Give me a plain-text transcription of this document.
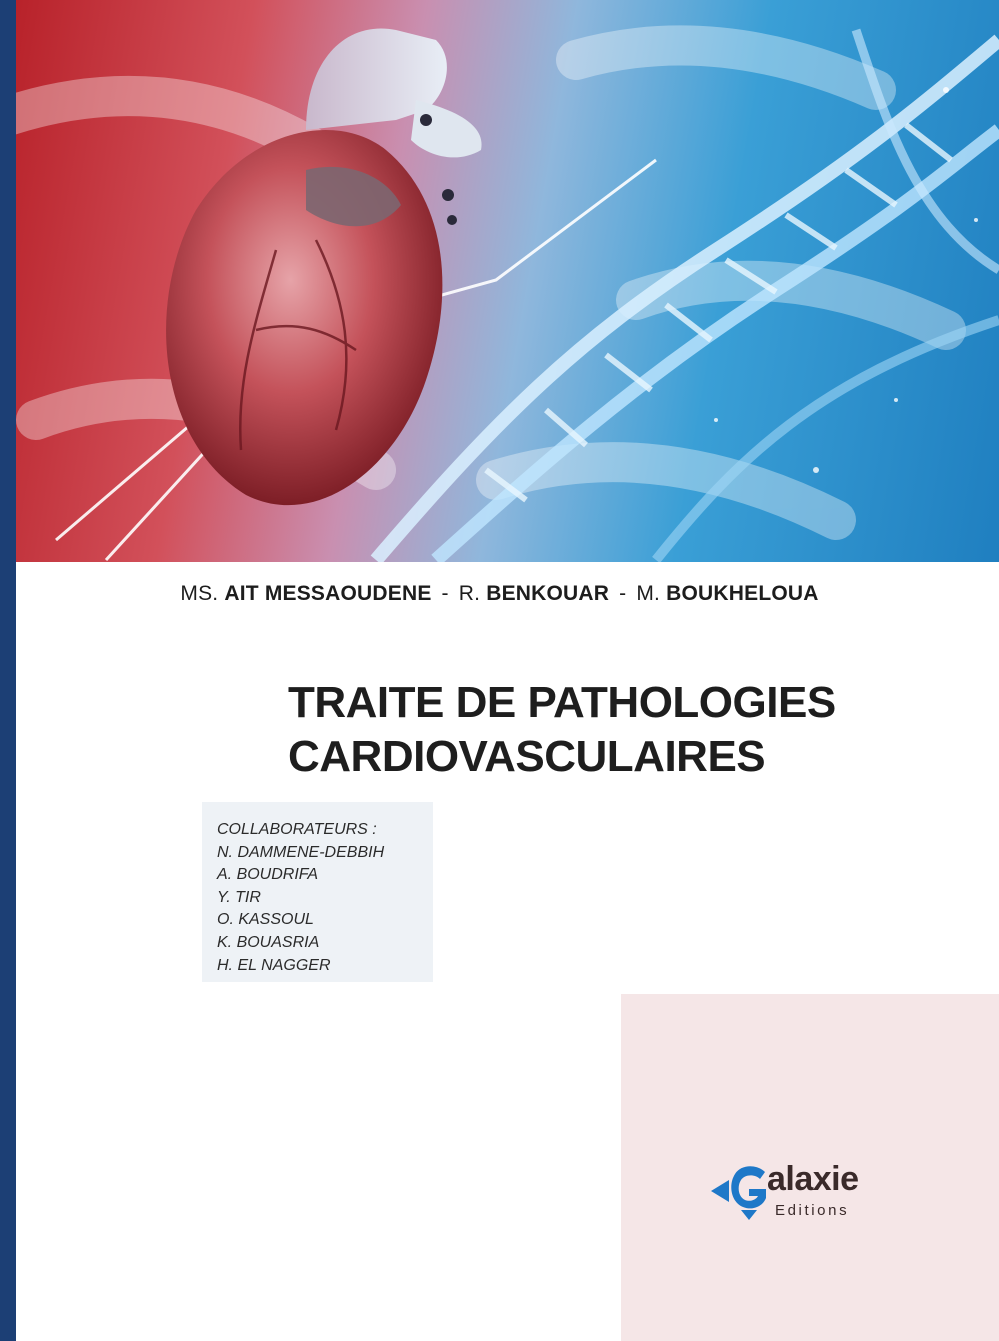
MS. AIT MESSAOUDENE - R. BENKOUAR - M. BOUKHELOUA
TRAITE DE PATHOLOGIES
CARDIOVASCULAIRES
COLLABORATEURS :
N. DAMMENE-DEBBIH
A. BOUDRIFA
Y. TIR
O. KASSOUL
K. BOUASRIA
H. EL NAGGER
alaxie
Editions
